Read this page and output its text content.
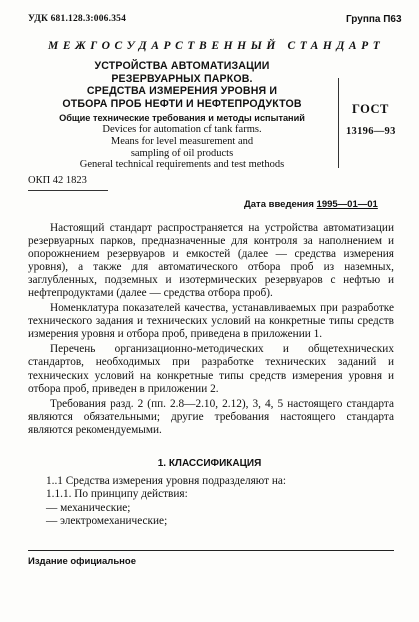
УДК 681.128.3:006.354	Группа П63
МЕЖГОСУДАРСТВЕННЫЙ СТАНДАРТ
УСТРОЙСТВА АВТОМАТИЗАЦИИ
РЕЗЕРВУАРНЫХ ПАРКОВ.
СРЕДСТВА ИЗМЕРЕНИЯ УРОВНЯ И
ОТБОРА ПРОБ НЕФТИ И НЕФТЕПРОДУКТОВ
Общие технические требования и методы испытаний
Devices for automation cf tank farms.
Means for level measurement and
sampling of oil products
General technical requirements and test methods
ГОСТ
13196—93
ОКП 42 1823
Дата введения 1995—01—01

Настоящий стандарт распространяется на устройства автоматизации резервуарных парков, предназначенные для контроля за наполнением и опорожнением резервуаров и емкостей (далее — средства измерения уровня), а также для автоматического отбора проб из наземных, заглубленных, подземных и изотермических резервуаров с нефтью и нефтепродуктами (далее — средства отбора проб).

Номенклатура показателей качества, устанавливаемых при разработке технического задания и технических условий на конкретные типы средств измерения уровня и отбора проб, приведена в приложении 1.

Перечень организационно-методических и общетехнических стандартов, необходимых при разработке технических заданий и технических условий на конкретные типы средств измерения уровня и отбора проб, приведен в приложении 2.

Требования разд. 2 (пп. 2.8—2.10, 2.12), 3, 4, 5 настоящего стандарта являются обязательными; другие требования настоящего стандарта являются рекомендуемыми.

1. КЛАССИФИКАЦИЯ
1..1 Средства измерения уровня подразделяют на:
1.1.1. По принципу действия:
— механические;
— электромеханические;
Издание официальное
